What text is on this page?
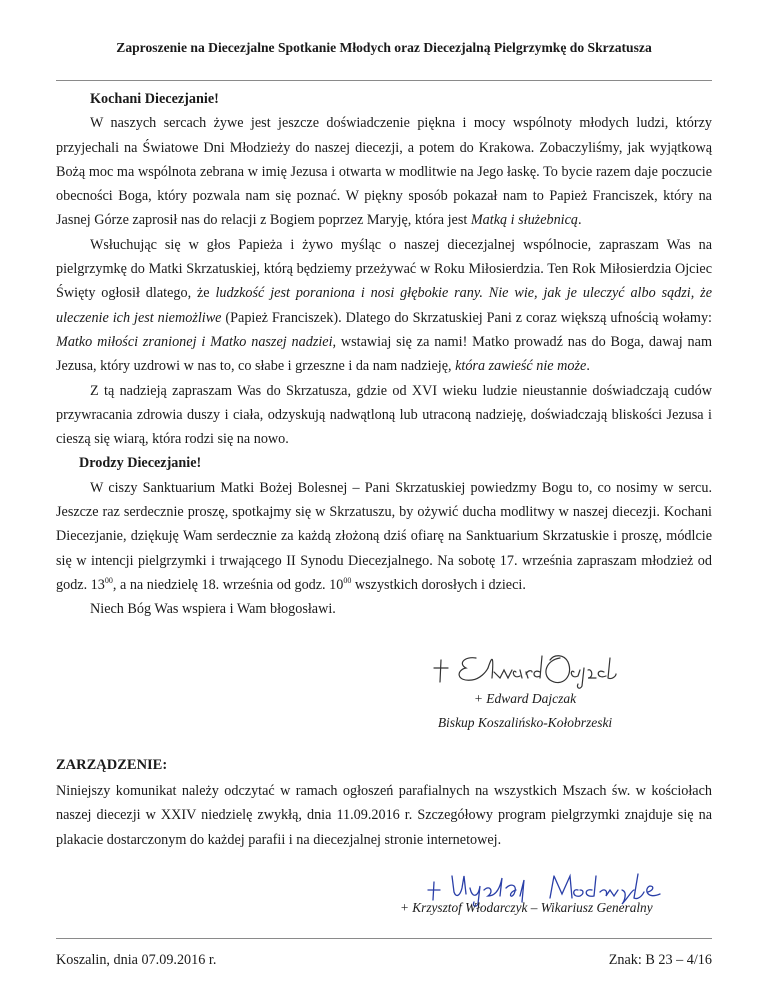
Zaproszenie na Diecezjalne Spotkanie Młodych oraz Diecezjalną Pielgrzymkę do Skrzatusza

Kochani Diecezjanie!

W naszych sercach żywe jest jeszcze doświadczenie piękna i mocy wspólnoty młodych ludzi, którzy przyjechali na Światowe Dni Młodzieży do naszej diecezji, a potem do Krakowa. Zobaczyliśmy, jak wyjątkową Bożą moc ma wspólnota zebrana w imię Jezusa i otwarta w modlitwie na Jego łaskę. To bycie razem daje poczucie obecności Boga, który pozwala nam się poznać. W piękny sposób pokazał nam to Papież Franciszek, który na Jasnej Górze zaprosił nas do relacji z Bogiem poprzez Maryję, która jest Matką i służebnicą.

Wsłuchując się w głos Papieża i żywo myśląc o naszej diecezjalnej wspólnocie, zapraszam Was na pielgrzymkę do Matki Skrzatuskiej, którą będziemy przeżywać w Roku Miłosierdzia. Ten Rok Miłosierdzia Ojciec Święty ogłosił dlatego, że ludzkość jest poraniona i nosi głębokie rany. Nie wie, jak je uleczyć albo sądzi, że uleczenie ich jest niemożliwe (Papież Franciszek). Dlatego do Skrzatuskiej Pani z coraz większą ufnością wołamy: Matko miłości zranionej i Matko naszej nadziei, wstawiaj się za nami! Matko prowadź nas do Boga, dawaj nam Jezusa, który uzdrowi w nas to, co słabe i grzeszne i da nam nadzieję, która zawieść nie może.

Z tą nadzieją zapraszam Was do Skrzatusza, gdzie od XVI wieku ludzie nieustannie doświadczają cudów przywracania zdrowia duszy i ciała, odzyskują nadwątloną lub utraconą nadzieję, doświadczają bliskości Jezusa i cieszą się wiarą, która rodzi się na nowo.

Drodzy Diecezjanie!

W ciszy Sanktuarium Matki Bożej Bolesnej – Pani Skrzatuskiej powiedzmy Bogu to, co nosimy w sercu. Jeszcze raz serdecznie proszę, spotkajmy się w Skrzatuszu, by ożywić ducha modlitwy w naszej diecezji. Kochani Diecezjanie, dziękuję Wam serdecznie za każdą złożoną dziś ofiarę na Sanktuarium Skrzatuskie i proszę, módlcie się w intencji pielgrzymki i trwającego II Synodu Diecezjalnego. Na sobotę 17. września zapraszam młodzież od godz. $13^{00}$, a na niedzielę 18. września od godz. $10^{00}$ wszystkich dorosłych i dzieci.

Niech Bóg Was wspiera i Wam błogosławi.

+ Edward Dajczak
Biskup Koszalińsko-Kołobrzeski
ZARZĄDZENIE:

Niniejszy komunikat należy odczytać w ramach ogłoszeń parafialnych na wszystkich Mszach św. w kościołach naszej diecezji w XXIV niedzielę zwykłą, dnia 11.09.2016 r. Szczegółowy program pielgrzymki znajduje się na plakacie dostarczonym do każdej parafii i na diecezjalnej stronie internetowej.

+ Krzysztof Włodarczyk – Wikariusz Generalny
Koszalin, dnia 07.09.2016 r.	Znak: B 23 – 4/16
